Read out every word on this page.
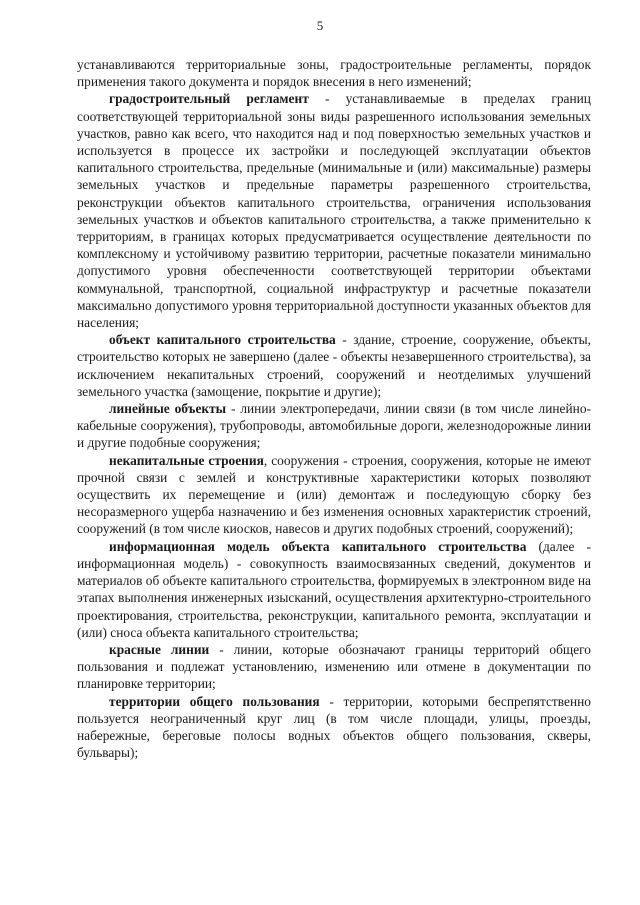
5

устанавливаются территориальные зоны, градостроительные регламенты, порядок применения такого документа и порядок внесения в него изменений;

градостроительный регламент - устанавливаемые в пределах границ соответствующей территориальной зоны виды разрешенного использования земельных участков, равно как всего, что находится над и под поверхностью земельных участков и используется в процессе их застройки и последующей эксплуатации объектов капитального строительства, предельные (минимальные и (или) максимальные) размеры земельных участков и предельные параметры разрешенного строительства, реконструкции объектов капитального строительства, ограничения использования земельных участков и объектов капитального строительства, а также применительно к территориям, в границах которых предусматривается осуществление деятельности по комплексному и устойчивому развитию территории, расчетные показатели минимально допустимого уровня обеспеченности соответствующей территории объектами коммунальной, транспортной, социальной инфраструктур и расчетные показатели максимально допустимого уровня территориальной доступности указанных объектов для населения;

объект капитального строительства - здание, строение, сооружение, объекты, строительство которых не завершено (далее - объекты незавершенного строительства), за исключением некапитальных строений, сооружений и неотделимых улучшений земельного участка (замощение, покрытие и другие);

линейные объекты - линии электропередачи, линии связи (в том числе линейно-кабельные сооружения), трубопроводы, автомобильные дороги, железнодорожные линии и другие подобные сооружения;

некапитальные строения, сооружения - строения, сооружения, которые не имеют прочной связи с землей и конструктивные характеристики которых позволяют осуществить их перемещение и (или) демонтаж и последующую сборку без несоразмерного ущерба назначению и без изменения основных характеристик строений, сооружений (в том числе киосков, навесов и других подобных строений, сооружений);

информационная модель объекта капитального строительства (далее - информационная модель) - совокупность взаимосвязанных сведений, документов и материалов об объекте капитального строительства, формируемых в электронном виде на этапах выполнения инженерных изысканий, осуществления архитектурно-строительного проектирования, строительства, реконструкции, капитального ремонта, эксплуатации и (или) сноса объекта капитального строительства;

красные линии - линии, которые обозначают границы территорий общего пользования и подлежат установлению, изменению или отмене в документации по планировке территории;

территории общего пользования - территории, которыми беспрепятственно пользуется неограниченный круг лиц (в том числе площади, улицы, проезды, набережные, береговые полосы водных объектов общего пользования, скверы, бульвары);
